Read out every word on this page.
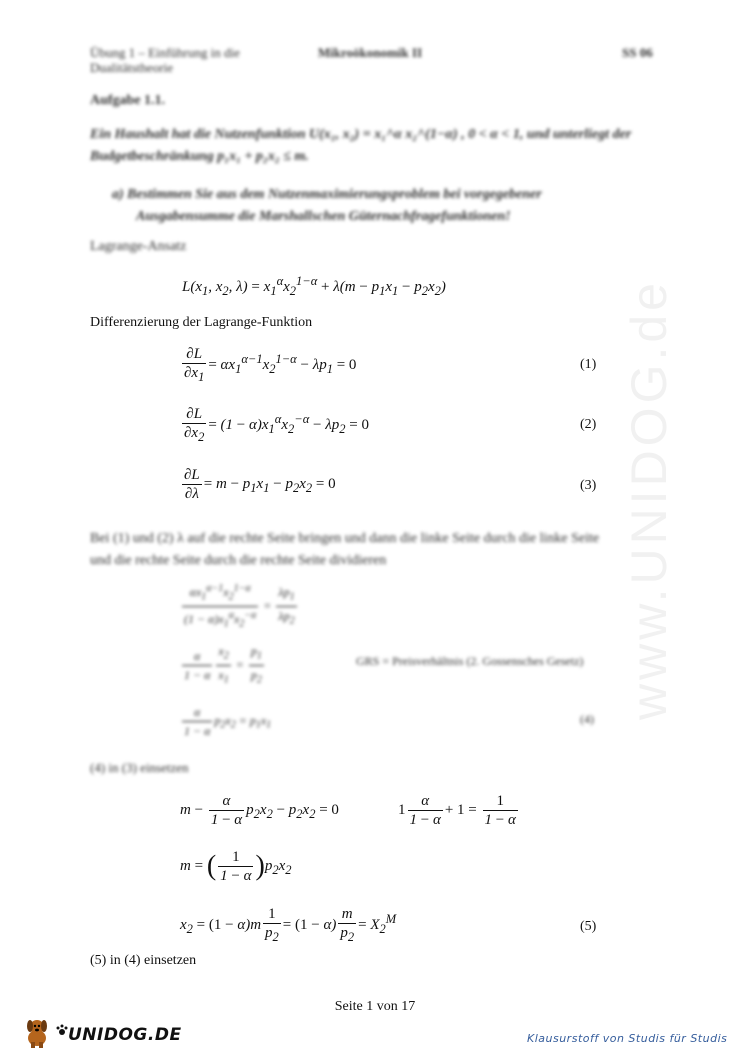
www.UNIDOG.de
Übung 1 – Einführung in die
Dualitätstheorie
Mikroökonomik II	SS 06
Aufgabe 1.1.
Ein Haushalt hat die Nutzenfunktion U(x₁, x₂) = x₁^α x₂^(1−α) , 0 < α < 1, und unterliegt der
Budgetbeschränkung p₁x₁ + p₂x₂ ≤ m.
a) Bestimmen Sie aus dem Nutzenmaximierungsproblem bei vorgegebener
Ausgabensumme die Marshallschen Güternachfragefunktionen!
Lagrange-Ansatz
$L(x_1$, $x_2$, $\lambda) = x_1^\alpha x_2^{1-\alpha} + \lambda(m - p_1x_1 - p_2x_2)$
Differenzierung der Lagrange-Funktion
$\frac{\partial L}{\partial x_1} = \alpha x_1^{\alpha-1}x_2^{1-\alpha} - \lambda p_1 = 0$	(1)
$\frac{\partial L}{\partial x_2} = (1 - \alpha)x_1^\alpha x_2^{-\alpha} - \lambda p_2 = 0$	(2)
$\frac{\partial L}{\partial\lambda} = m - p_1x_1 - p_2x_2 = 0$	(3)
Bei (1) und (2) λ auf die rechte Seite bringen und dann die linke Seite durch die linke Seite
und die rechte Seite durch die rechte Seite dividieren
$\frac{\alpha x_1^{\alpha-1}x_2^{1-\alpha}}{(1 - \alpha)x_1^\alpha x_2^{-\alpha}} = \frac{\lambda p_1}{\lambda p_2}$
$\frac{\alpha}{1 - \alpha} \frac{x_2}{x_1} = \frac{p_1}{p_2}$	GRS = Preisverhältnis (2. Gossensches Gesetz)
$\frac{\alpha}{1 - \alpha} p_2x_2 = p_1x_1$	(4)
(4) in (3) einsetzen
$m - \frac{\alpha}{1 - \alpha} p_2x_2 - p_2x_2 = 0$	$1 \frac{\alpha}{1 - \alpha} + 1 = \frac{1}{1 - \alpha}$
m = ( $\frac{1}{1 - \alpha} )p_2x_2$
$x_2 = (1 - \alpha)m \frac{1}{p_2} = (1 - \alpha) \frac{m}{p_2} = X_2^M$
(5)
(5) in (4) einsetzen
Seite 1 von 17
UNIDOG.DE	Klausurstoff von Studis für Studis
